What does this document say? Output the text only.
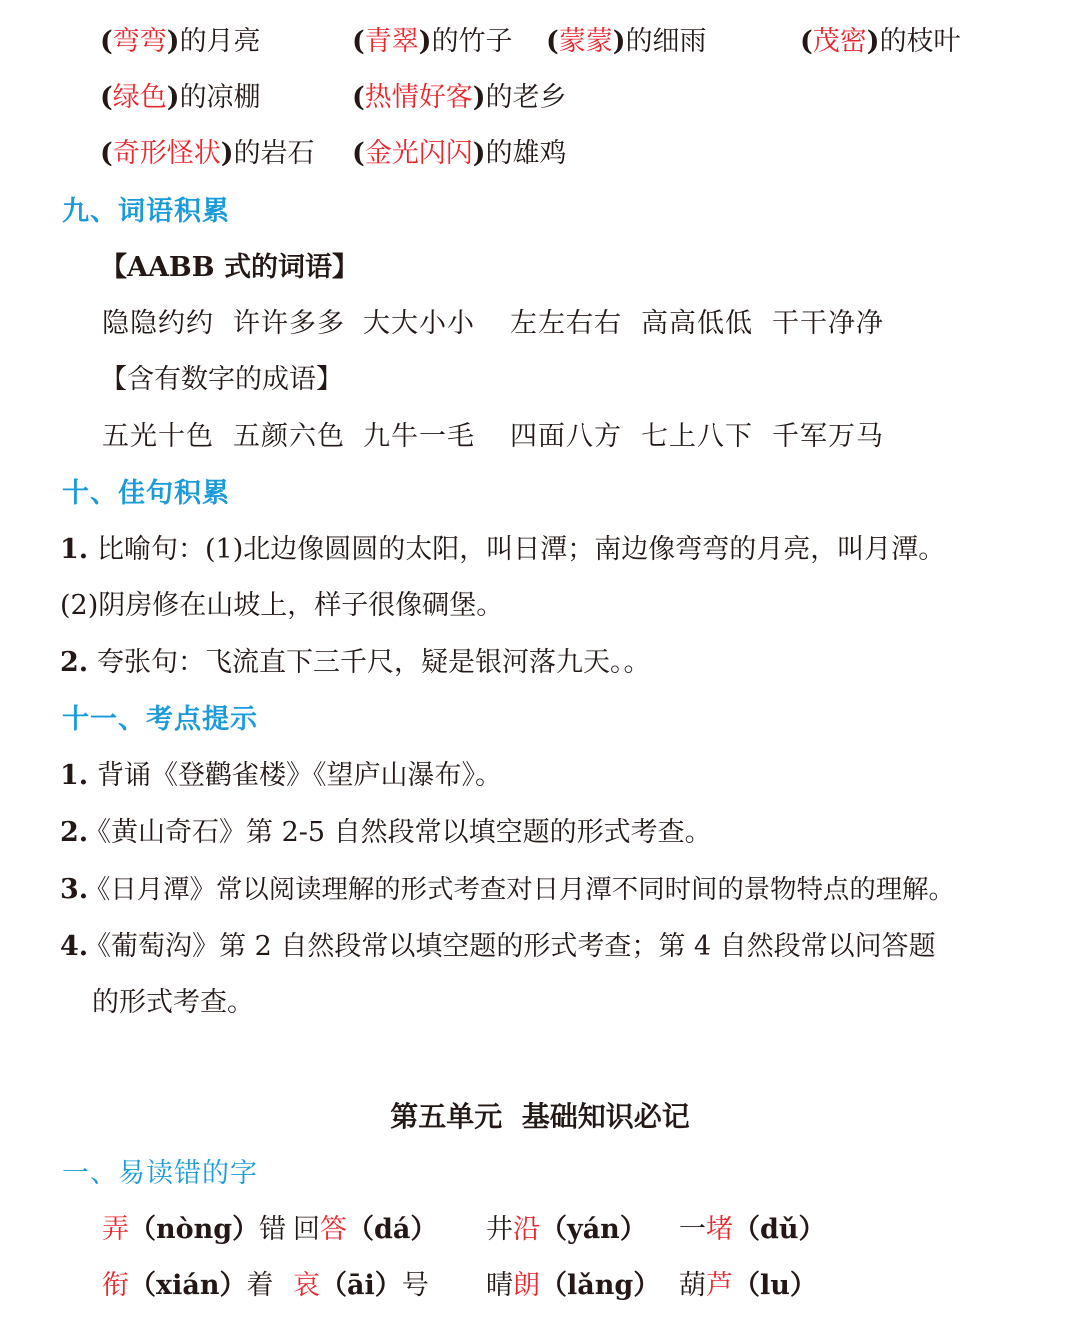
(弯弯)的月亮	(青翠)的竹子 (蒙蒙)的细雨	(茂密)的枝叶
(绿色)的凉棚	(热情好客)的老乡
(奇形怪状)的岩石 (金光闪闪)的雄鸡
九、词语积累
【AABB 式的词语】
隐隐约约 许许多多 大大小小 左左右右 高高低低 干干净净
【含有数字的成语】
五光十色 五颜六色 九牛一毛 四面八方 七上八下 千军万马
十、佳句积累
1. 比喻句：(1)北边像圆圆的太阳，叫日潭；南边像弯弯的月亮，叫月潭。
(2)阴房修在山坡上，样子很像碉堡。
2. 夸张句：飞流直下三千尺，疑是银河落九天。。
十一、考点提示
1. 背诵《登鹳雀楼》《望庐山瀑布》。
2.
《黄山奇石》第 2-5 自然段常以填空题的形式考查。
3.
《日月潭》常以阅读理解的形式考查对日月潭不同时间的景物特点的理解。
4.
《葡萄沟》第 2 自然段常以填空题的形式考查；第 4 自然段常以问答题
的形式考查。
第五单元  基础知识必记
一、易读错的字
弄（nòng）错 回答（dá） 井沿（yán） 一堵（dǔ）
衔（xián）着 哀（āi）号 晴朗（lǎng） 葫芦（lu）
